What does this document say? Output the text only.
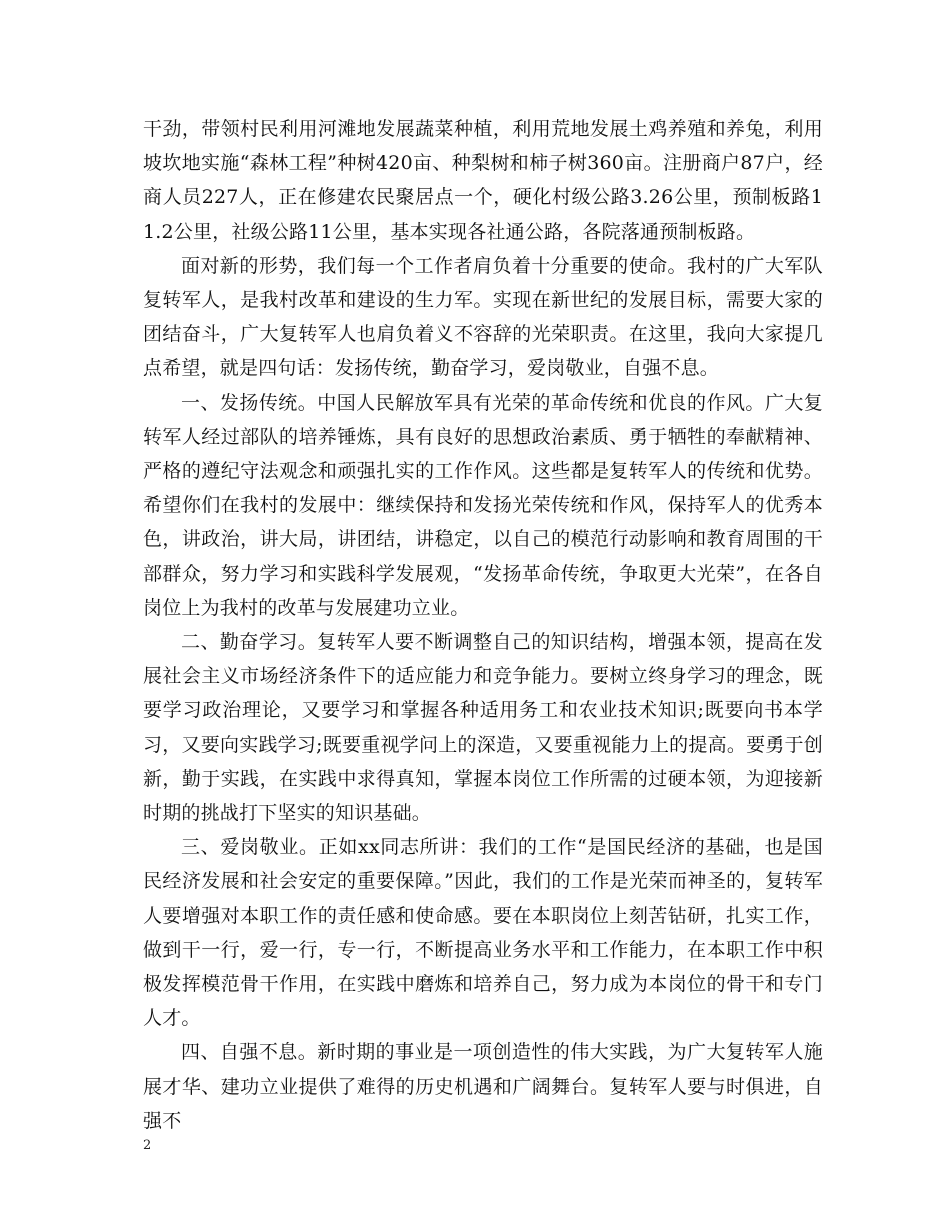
干劲，带领村民利用河滩地发展蔬菜种植，利用荒地发展土鸡养殖和养兔，利用坡坎地实施“森林工程”种树420亩、种梨树和柿子树360亩。注册商户87户，经商人员227人，正在修建农民聚居点一个，硬化村级公路3.26公里，预制板路11.2公里，社级公路11公里，基本实现各社通公路，各院落通预制板路。

面对新的形势，我们每一个工作者肩负着十分重要的使命。我村的广大军队复转军人，是我村改革和建设的生力军。实现在新世纪的发展目标，需要大家的团结奋斗，广大复转军人也肩负着义不容辞的光荣职责。在这里，我向大家提几点希望，就是四句话：发扬传统，勤奋学习，爱岗敬业，自强不息。

一、发扬传统。中国人民解放军具有光荣的革命传统和优良的作风。广大复转军人经过部队的培养锤炼，具有良好的思想政治素质、勇于牺牲的奉献精神、严格的遵纪守法观念和顽强扎实的工作作风。这些都是复转军人的传统和优势。希望你们在我村的发展中：继续保持和发扬光荣传统和作风，保持军人的优秀本色，讲政治，讲大局，讲团结，讲稳定，以自己的模范行动影响和教育周围的干部群众，努力学习和实践科学发展观，“发扬革命传统，争取更大光荣”，在各自岗位上为我村的改革与发展建功立业。

二、勤奋学习。复转军人要不断调整自己的知识结构，增强本领，提高在发展社会主义市场经济条件下的适应能力和竞争能力。要树立终身学习的理念，既要学习政治理论，又要学习和掌握各种适用务工和农业技术知识;既要向书本学习，又要向实践学习;既要重视学问上的深造，又要重视能力上的提高。要勇于创新，勤于实践，在实践中求得真知，掌握本岗位工作所需的过硬本领，为迎接新时期的挑战打下坚实的知识基础。

三、爱岗敬业。正如xx同志所讲：我们的工作“是国民经济的基础，也是国民经济发展和社会安定的重要保障。”因此，我们的工作是光荣而神圣的，复转军人要增强对本职工作的责任感和使命感。要在本职岗位上刻苦钻研，扎实工作，做到干一行，爱一行，专一行，不断提高业务水平和工作能力，在本职工作中积极发挥模范骨干作用，在实践中磨炼和培养自己，努力成为本岗位的骨干和专门人才。

四、自强不息。新时期的事业是一项创造性的伟大实践，为广大复转军人施展才华、建功立业提供了难得的历史机遇和广阔舞台。复转军人要与时俱进，自强不

2
